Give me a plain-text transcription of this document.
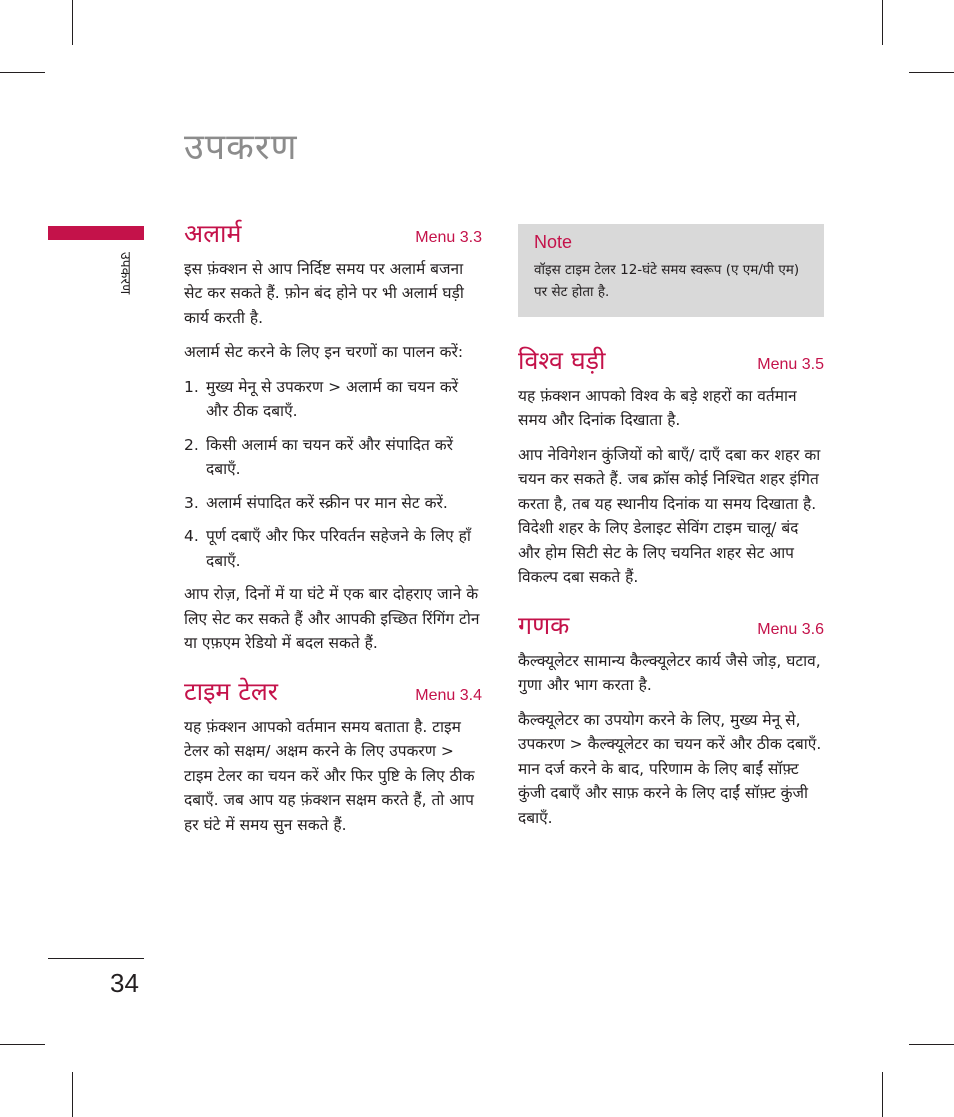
उपकरण
उपकरण
34
अलार्म	Menu 3.3

इस फ़ंक्शन से आप निर्दिष्ट समय पर अलार्म बजना सेट कर सकते हैं. फ़ोन बंद होने पर भी अलार्म घड़ी कार्य करती है.

अलार्म सेट करने के लिए इन चरणों का पालन करें:

1. मुख्य मेनू से उपकरण > अलार्म का चयन करें और ठीक दबाएँ.
2. किसी अलार्म का चयन करें और संपादित करें दबाएँ.
3. अलार्म संपादित करें स्क्रीन पर मान सेट करें.
4. पूर्ण दबाएँ और फिर परिवर्तन सहेजने के लिए हाँ दबाएँ.

आप रोज़, दिनों में या घंटे में एक बार दोहराए जाने के लिए सेट कर सकते हैं और आपकी इच्छित रिंगिंग टोन या एफ़एम रेडियो में बदल सकते हैं.

टाइम टेलर	Menu 3.4

यह फ़ंक्शन आपको वर्तमान समय बताता है. टाइम टेलर को सक्षम/ अक्षम करने के लिए उपकरण > टाइम टेलर का चयन करें और फिर पुष्टि के लिए ठीक दबाएँ. जब आप यह फ़ंक्शन सक्षम करते हैं, तो आप हर घंटे में समय सुन सकते हैं.

Note
वॉइस टाइम टेलर 12-घंटे समय स्वरूप (ए एम/पी एम) पर सेट होता है.
विश्व घड़ी	Menu 3.5

यह फ़ंक्शन आपको विश्व के बड़े शहरों का वर्तमान समय और दिनांक दिखाता है.

आप नेविगेशन कुंजियों को बाएँ/ दाएँ दबा कर शहर का चयन कर सकते हैं. जब क्रॉस कोई निश्चित शहर इंगित करता है, तब यह स्थानीय दिनांक या समय दिखाता है. विदेशी शहर के लिए डेलाइट सेविंग टाइम चालू/ बंद और होम सिटी सेट के लिए चयनित शहर सेट आप विकल्प दबा सकते हैं.

गणक	Menu 3.6

कैल्क्यूलेटर सामान्य कैल्क्यूलेटर कार्य जैसे जोड़, घटाव, गुणा और भाग करता है.

कैल्क्यूलेटर का उपयोग करने के लिए, मुख्य मेनू से, उपकरण > कैल्क्यूलेटर का चयन करें और ठीक दबाएँ. मान दर्ज करने के बाद, परिणाम के लिए बाईं सॉफ़्ट कुंजी दबाएँ और साफ़ करने के लिए दाईं सॉफ़्ट कुंजी दबाएँ.
